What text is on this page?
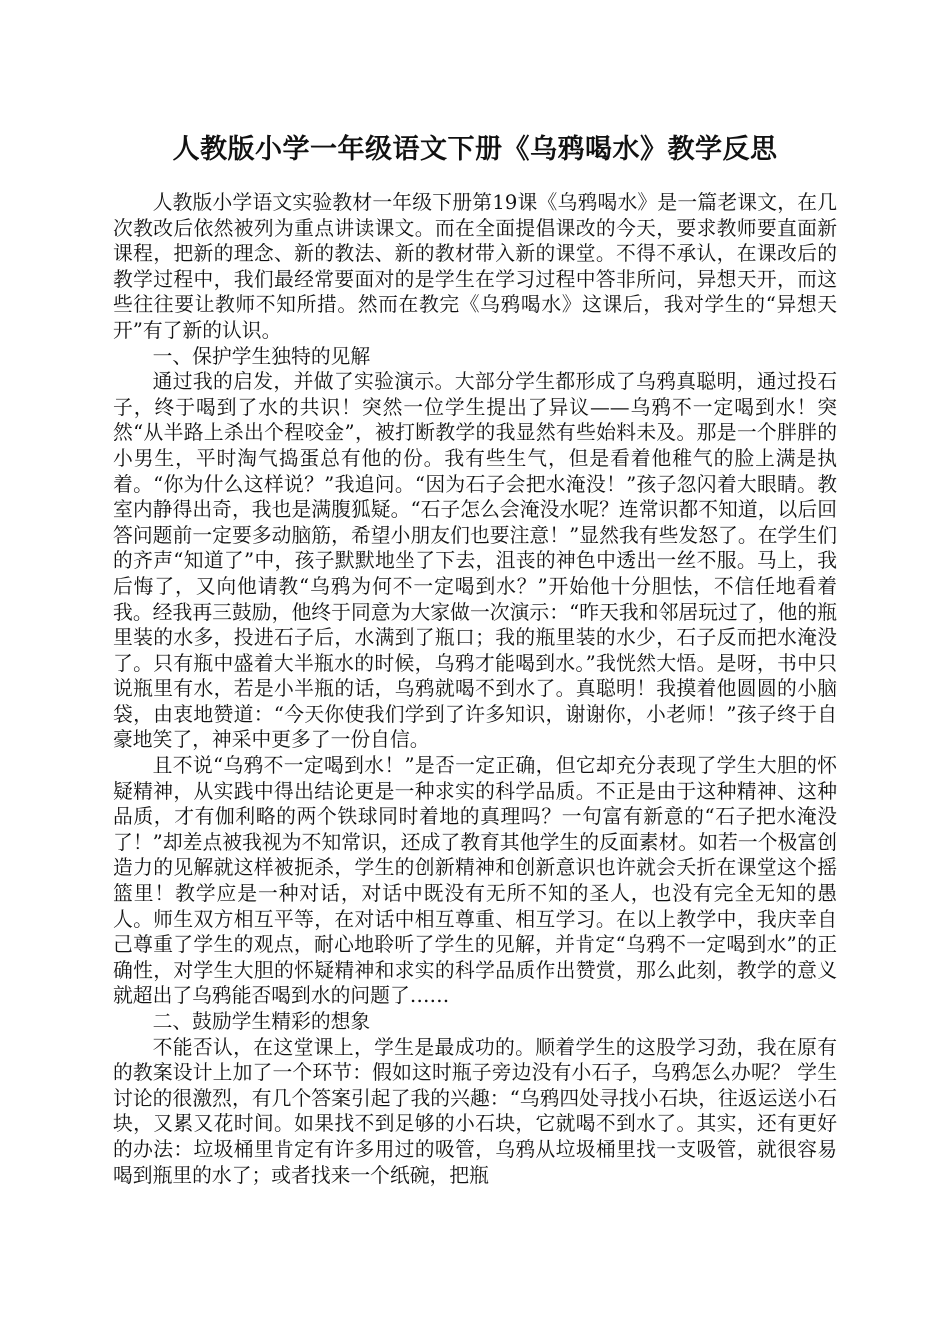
人教版小学一年级语文下册《乌鸦喝水》教学反思

人教版小学语文实验教材一年级下册第19课《乌鸦喝水》是一篇老课文，在几次教改后依然被列为重点讲读课文。而在全面提倡课改的今天，要求教师要直面新课程，把新的理念、新的教法、新的教材带入新的课堂。不得不承认，在课改后的教学过程中，我们最经常要面对的是学生在学习过程中答非所问，异想天开，而这些往往要让教师不知所措。然而在教完《乌鸦喝水》这课后，我对学生的“异想天开”有了新的认识。

一、保护学生独特的见解

通过我的启发，并做了实验演示。大部分学生都形成了乌鸦真聪明，通过投石子，终于喝到了水的共识！突然一位学生提出了异议——乌鸦不一定喝到水！突然“从半路上杀出个程咬金”，被打断教学的我显然有些始料未及。那是一个胖胖的小男生，平时淘气捣蛋总有他的份。我有些生气，但是看着他稚气的脸上满是执着。“你为什么这样说？”我追问。“因为石子会把水淹没！”孩子忽闪着大眼睛。教室内静得出奇，我也是满腹狐疑。“石子怎么会淹没水呢？连常识都不知道，以后回答问题前一定要多动脑筋，希望小朋友们也要注意！”显然我有些发怒了。在学生们的齐声“知道了”中，孩子默默地坐了下去，沮丧的神色中透出一丝不服。马上，我后悔了，又向他请教“乌鸦为何不一定喝到水？”开始他十分胆怯，不信任地看着我。经我再三鼓励，他终于同意为大家做一次演示：“昨天我和邻居玩过了，他的瓶里装的水多，投进石子后，水满到了瓶口；我的瓶里装的水少，石子反而把水淹没了。只有瓶中盛着大半瓶水的时候，乌鸦才能喝到水。”我恍然大悟。是呀，书中只说瓶里有水，若是小半瓶的话，乌鸦就喝不到水了。真聪明！我摸着他圆圆的小脑袋，由衷地赞道：“今天你使我们学到了许多知识，谢谢你，小老师！”孩子终于自豪地笑了，神采中更多了一份自信。

且不说“乌鸦不一定喝到水！”是否一定正确，但它却充分表现了学生大胆的怀疑精神，从实践中得出结论更是一种求实的科学品质。不正是由于这种精神、这种品质，才有伽利略的两个铁球同时着地的真理吗？一句富有新意的“石子把水淹没了！”却差点被我视为不知常识，还成了教育其他学生的反面素材。如若一个极富创造力的见解就这样被扼杀，学生的创新精神和创新意识也许就会夭折在课堂这个摇篮里！教学应是一种对话，对话中既没有无所不知的圣人，也没有完全无知的愚人。师生双方相互平等，在对话中相互尊重、相互学习。在以上教学中，我庆幸自己尊重了学生的观点，耐心地聆听了学生的见解，并肯定“乌鸦不一定喝到水”的正确性，对学生大胆的怀疑精神和求实的科学品质作出赞赏，那么此刻，教学的意义就超出了乌鸦能否喝到水的问题了……

二、鼓励学生精彩的想象

不能否认，在这堂课上，学生是最成功的。顺着学生的这股学习劲，我在原有的教案设计上加了一个环节：假如这时瓶子旁边没有小石子，乌鸦怎么办呢？ 学生讨论的很激烈，有几个答案引起了我的兴趣：“乌鸦四处寻找小石块，往返运送小石块，又累又花时间。如果找不到足够的小石块，它就喝不到水了。其实，还有更好的办法：垃圾桶里肯定有许多用过的吸管，乌鸦从垃圾桶里找一支吸管，就很容易喝到瓶里的水了；或者找来一个纸碗，把瓶
